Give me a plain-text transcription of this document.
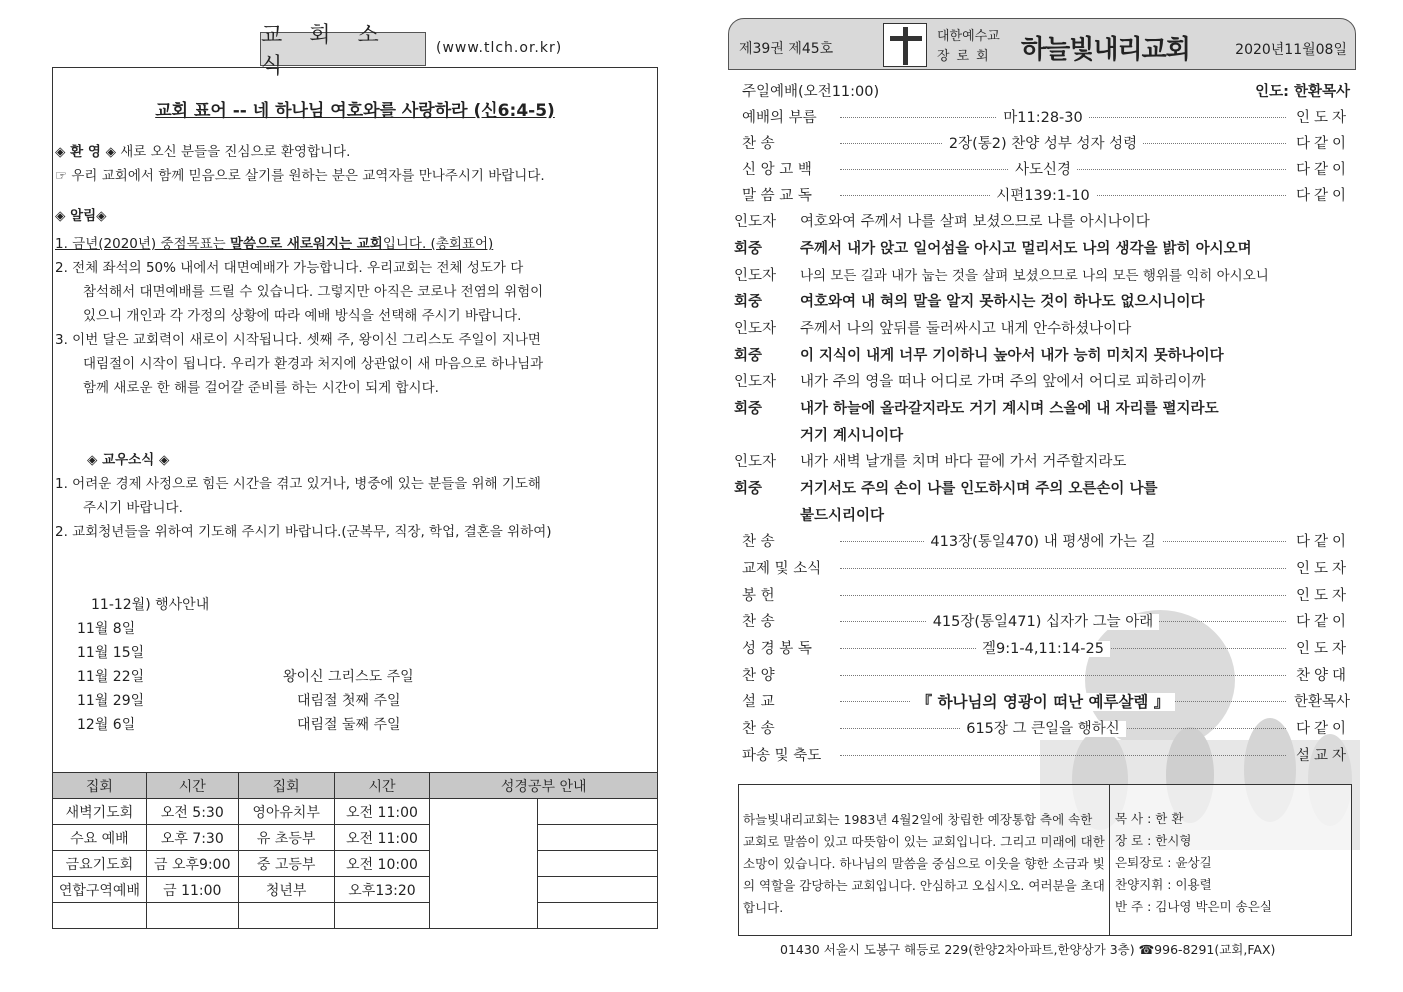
교 회 소 식
(www.tlch.or.kr)
교회 표어 -- 네 하나님 여호와를 사랑하라 (신6:4-5)
◈ 환 영 ◈ 새로 오신 분들을 진심으로 환영합니다.
☞ 우리 교회에서 함께 믿음으로 살기를 원하는 분은 교역자를 만나주시기 바랍니다.
◈ 알림◈
1. 금년(2020년) 중점목표는 말씀으로 새로워지는 교회입니다. (총회표어)
2. 전체 좌석의 50% 내에서 대면예배가 가능합니다. 우리교회는 전체 성도가 다
참석해서 대면예배를 드릴 수 있습니다. 그렇지만 아직은 코로나 전염의 위험이
있으니 개인과 각 가정의 상황에 따라 예배 방식을 선택해 주시기 바랍니다.
3. 이번 달은 교회력이 새로이 시작됩니다. 셋째 주, 왕이신 그리스도 주일이 지나면
대림절이 시작이 됩니다. 우리가 환경과 처지에 상관없이 새 마음으로 하나님과
함께 새로운 한 해를 걸어갈 준비를 하는 시간이 되게 합시다.
◈ 교우소식 ◈
1. 어려운 경제 사정으로 힘든 시간을 겪고 있거나, 병중에 있는 분들을 위해 기도해
주시기 바랍니다.
2. 교회청년들을 위하여 기도해 주시기 바랍니다.(군복무, 직장, 학업, 결혼을 위하여)
11-12월) 행사안내
11월 8일
11월 15일
11월 22일	왕이신 그리스도 주일
11월 29일	대림절 첫째 주일
12월 6일	대림절 둘째 주일
집회	시간	집회	시간	성경공부 안내	
새벽기도회	오전 5:30	영아유치부	오전 11:00		
수요 예배	오후 7:30	유 초등부	오전 11:00		
금요기도회	금 오후9:00	중 고등부	오전 10:00		
연합구역예배	금 11:00	청년부	오후13:20		

제39권 제45호
대한예수교
장로회 하늘빛내리교회	2020년11월08일
주일예배(오전11:00)	인도: 한환목사
예배의 부름	마11:28-30	인도자
찬 송	2장(통2) 찬양 성부 성자 성령	다같이
신 앙 고 백	사도신경	다같이
말 씀 교 독	시편139:1-10	다같이
인도자 여호와여 주께서 나를 살펴 보셨으므로 나를 아시나이다
회중	주께서 내가 앉고 일어섬을 아시고 멀리서도 나의 생각을 밝히 아시오며
인도자 나의 모든 길과 내가 눕는 것을 살펴 보셨으므로 나의 모든 행위를 익히 아시오니
회중	여호와여 내 혀의 말을 알지 못하시는 것이 하나도 없으시니이다
인도자 주께서 나의 앞뒤를 둘러싸시고 내게 안수하셨나이다
회중	이 지식이 내게 너무 기이하니 높아서 내가 능히 미치지 못하나이다
인도자 내가 주의 영을 떠나 어디로 가며 주의 앞에서 어디로 피하리이까
회중	내가 하늘에 올라갈지라도 거기 계시며 스올에 내 자리를 펼지라도
거기 계시니이다
인도자 내가 새벽 날개를 치며 바다 끝에 가서 거주할지라도
회중	거기서도 주의 손이 나를 인도하시며 주의 오른손이 나를
붙드시리이다
찬 송	413장(통일470) 내 평생에 가는 길	다같이
교제 및 소식	인도자
봉 헌	인도자
찬 송	415장(통일471) 십자가 그늘 아래	다같이
성 경 봉 독	겔9:1-4,11:14-25	인도자
찬 양	찬양대
설 교	『 하나님의 영광이 떠난 예루살렘 』	한환목사
찬 송	615장 그 큰일을 행하신	다같이
파송 및 축도	설교자
하늘빛내리교회는 1983년 4월2일에 창립한 예장통합 측에 속한 교회로 말씀이 있고 따뜻함이 있는 교회입니다. 그리고 미래에 대한 소망이 있습니다. 하나님의 말씀을 중심으로 이웃을 향한 소금과 빛의 역할을 감당하는 교회입니다. 안심하고 오십시오. 여러분을 초대합니다.
목 사 : 한 환
장 로 : 한시형
은퇴장로 : 윤상길
찬양지휘 : 이용렬
반 주 : 김나영 박은미 송은실
01430 서울시 도봉구 해등로 229(한양2차아파트,한양상가 3층) ☎996-8291(교회,FAX)
